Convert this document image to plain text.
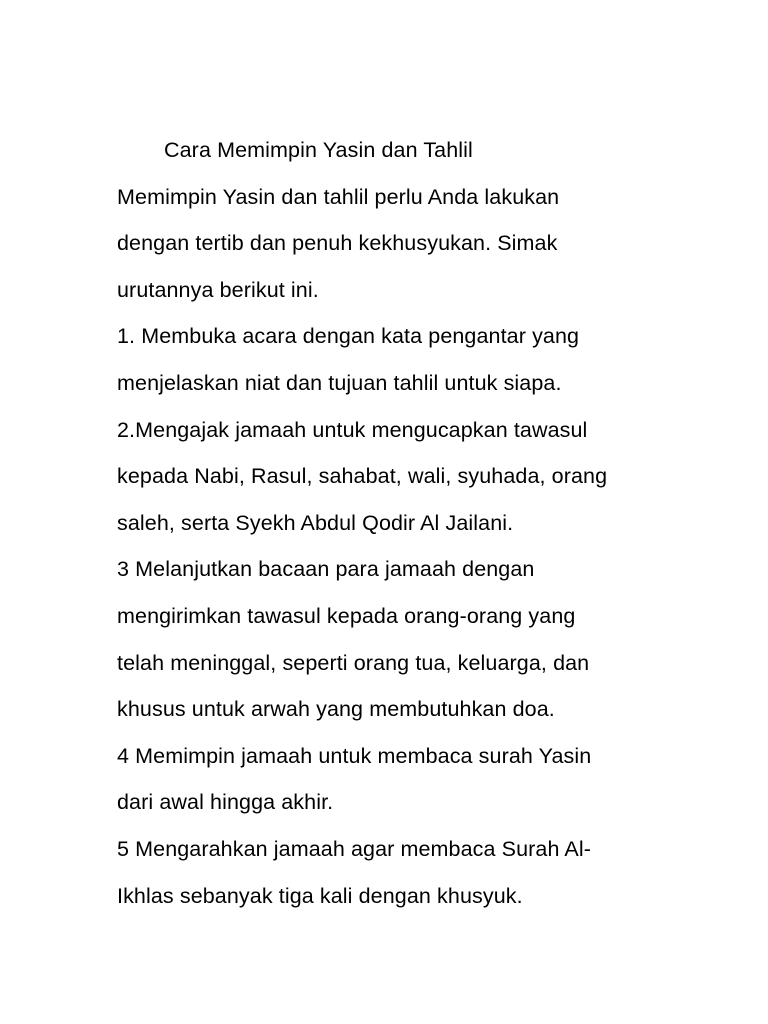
Cara Memimpin Yasin dan Tahlil
Memimpin Yasin dan tahlil perlu Anda lakukan
dengan tertib dan penuh kekhusyukan. Simak
urutannya berikut ini.
1. Membuka acara dengan kata pengantar yang
menjelaskan niat dan tujuan tahlil untuk siapa.
2.Mengajak jamaah untuk mengucapkan tawasul
kepada Nabi, Rasul, sahabat, wali, syuhada, orang
saleh, serta Syekh Abdul Qodir Al Jailani.
3 Melanjutkan bacaan para jamaah dengan
mengirimkan tawasul kepada orang-orang yang
telah meninggal, seperti orang tua, keluarga, dan
khusus untuk arwah yang membutuhkan doa.
4 Memimpin jamaah untuk membaca surah Yasin
dari awal hingga akhir.
5 Mengarahkan jamaah agar membaca Surah Al-
Ikhlas sebanyak tiga kali dengan khusyuk.
